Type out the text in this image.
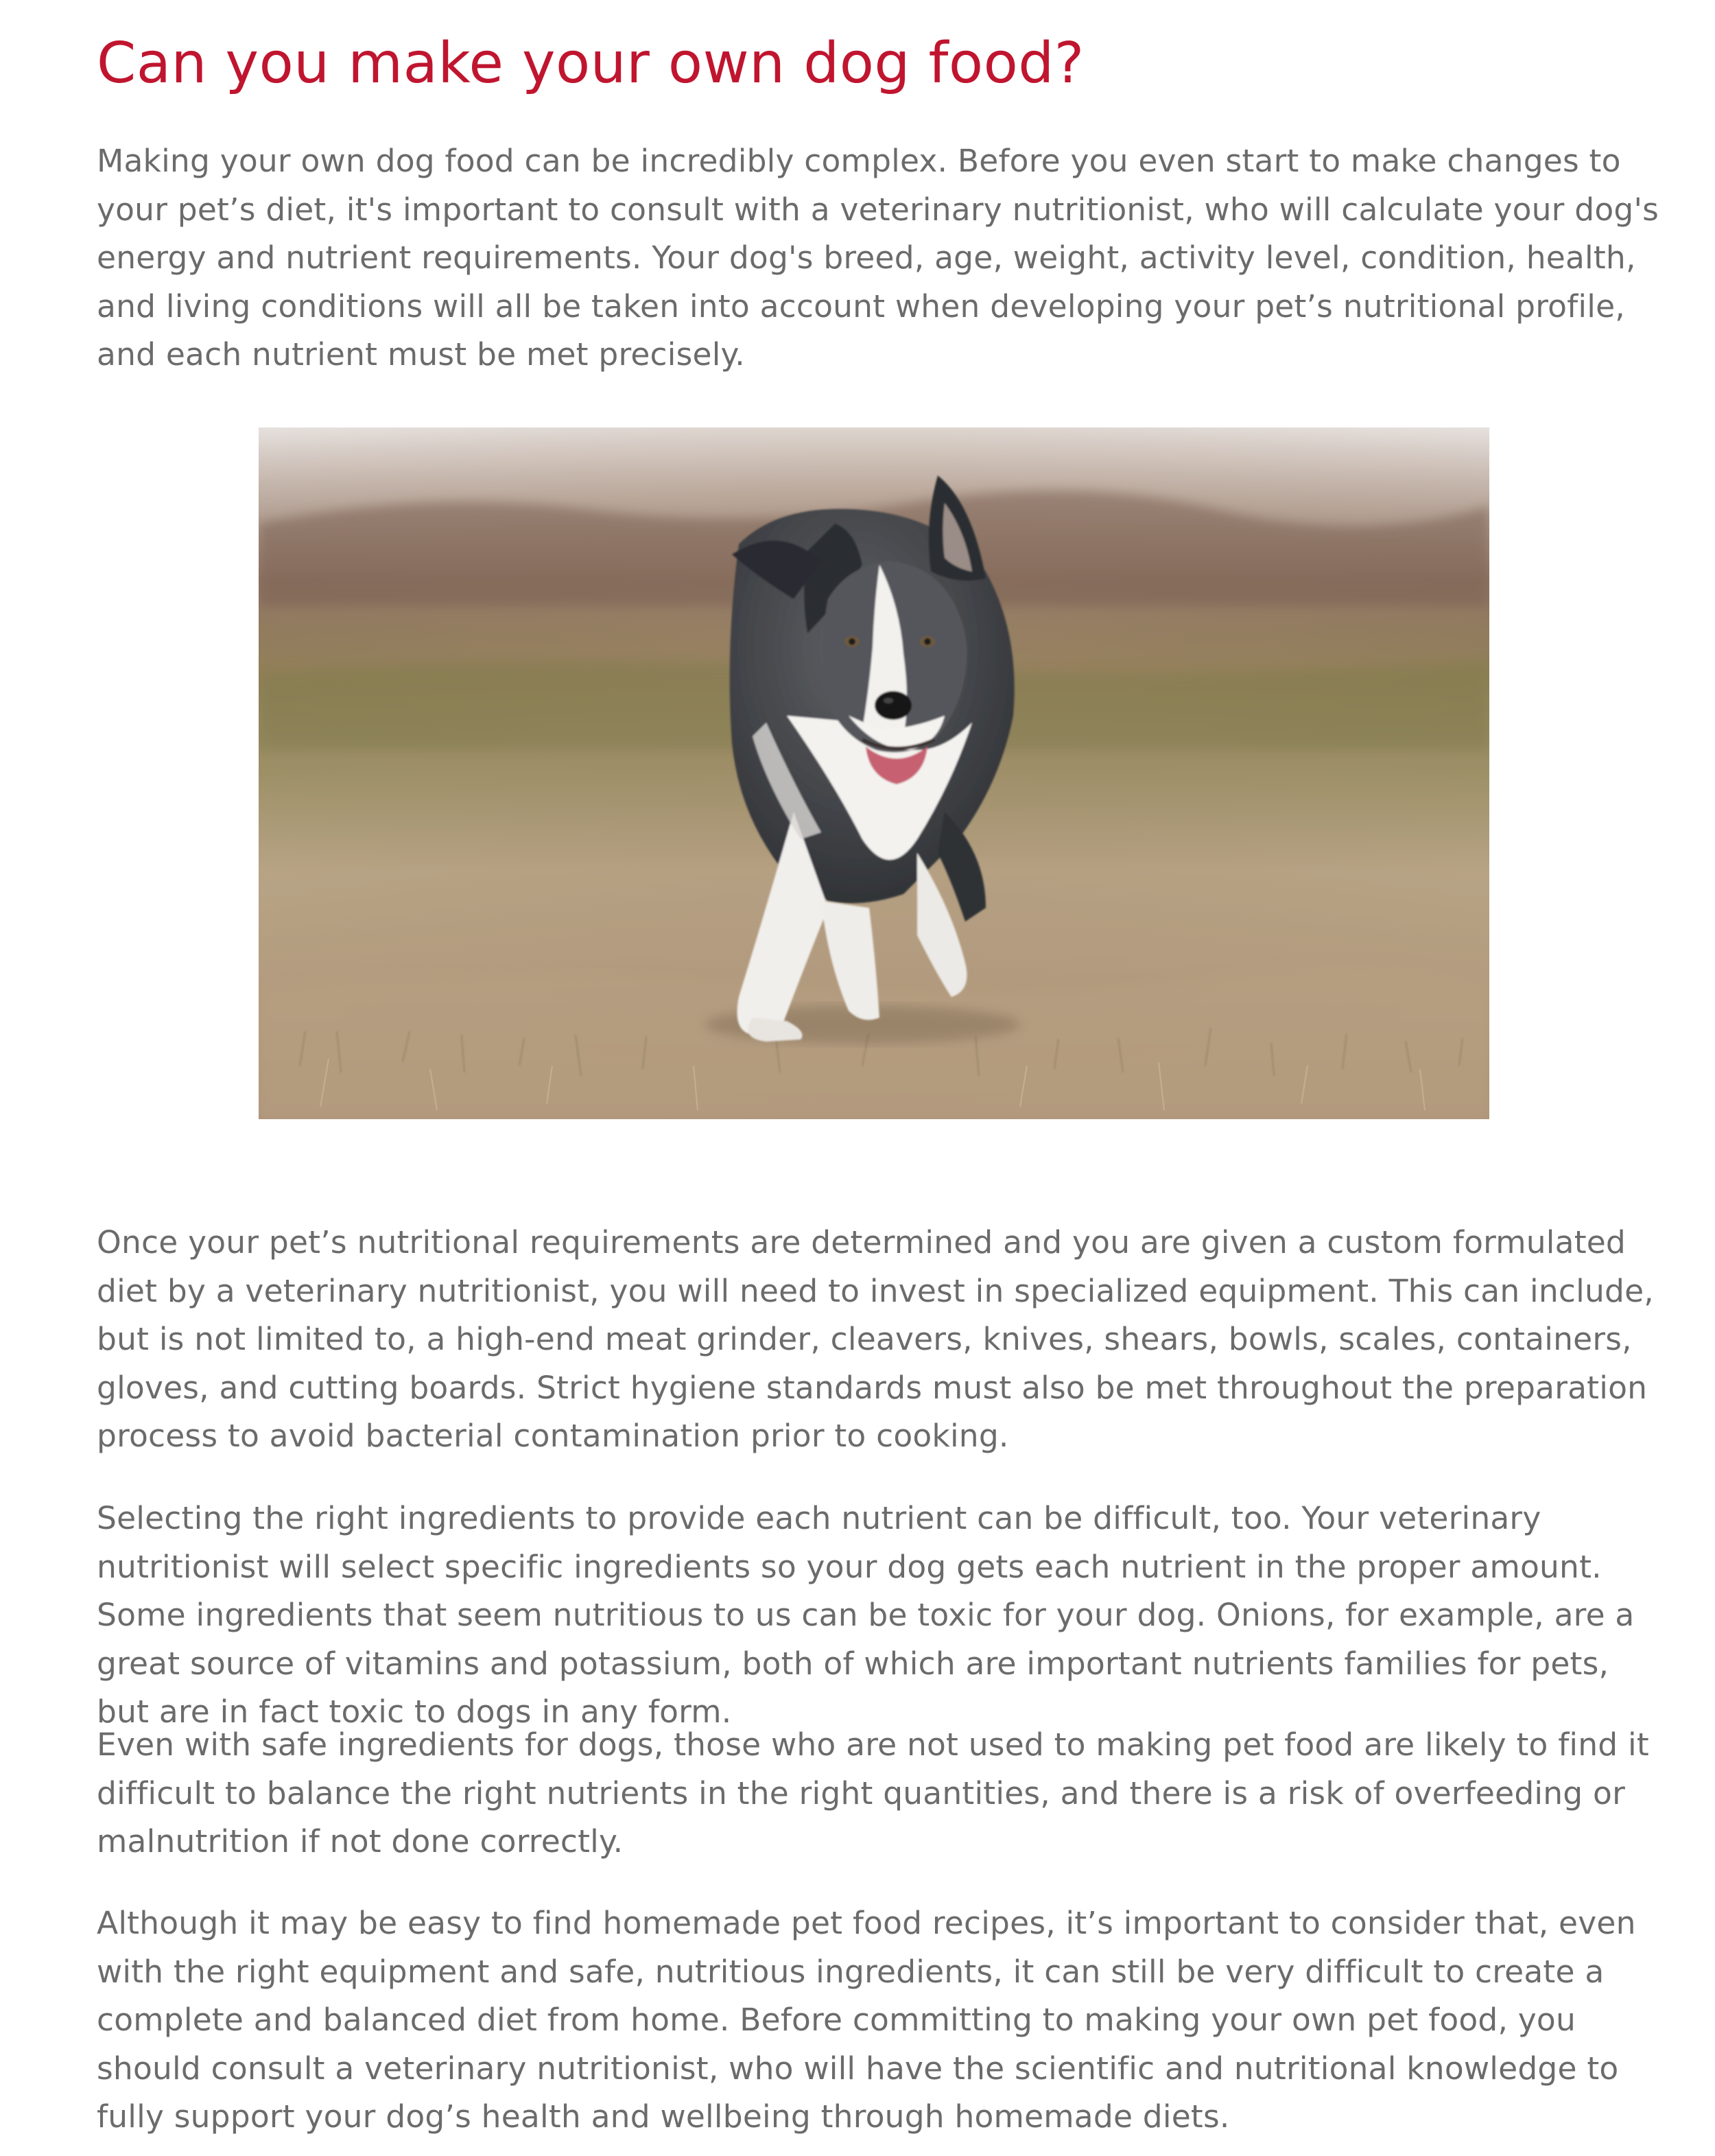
Can you make your own dog food?

Making your own dog food can be incredibly complex. Before you even start to make changes to your pet’s diet, it's important to consult with a veterinary nutritionist, who will calculate your dog's energy and nutrient requirements. Your dog's breed, age, weight, activity level, condition, health, and living conditions will all be taken into account when developing your pet’s nutritional profile, and each nutrient must be met precisely.

Once your pet’s nutritional requirements are determined and you are given a custom formulated diet by a veterinary nutritionist, you will need to invest in specialized equipment. This can include, but is not limited to, a high-end meat grinder, cleavers, knives, shears, bowls, scales, containers, gloves, and cutting boards. Strict hygiene standards must also be met throughout the preparation process to avoid bacterial contamination prior to cooking.

Selecting the right ingredients to provide each nutrient can be difficult, too. Your veterinary nutritionist will select specific ingredients so your dog gets each nutrient in the proper amount. Some ingredients that seem nutritious to us can be toxic for your dog. Onions, for example, are a great source of vitamins and potassium, both of which are important nutrients families for pets, but are in fact toxic to dogs in any form.

Even with safe ingredients for dogs, those who are not used to making pet food are likely to find it difficult to balance the right nutrients in the right quantities, and there is a risk of overfeeding or malnutrition if not done correctly.

Although it may be easy to find homemade pet food recipes, it’s important to consider that, even with the right equipment and safe, nutritious ingredients, it can still be very difficult to create a complete and balanced diet from home. Before committing to making your own pet food, you should consult a veterinary nutritionist, who will have the scientific and nutritional knowledge to fully support your dog’s health and wellbeing through homemade diets.
